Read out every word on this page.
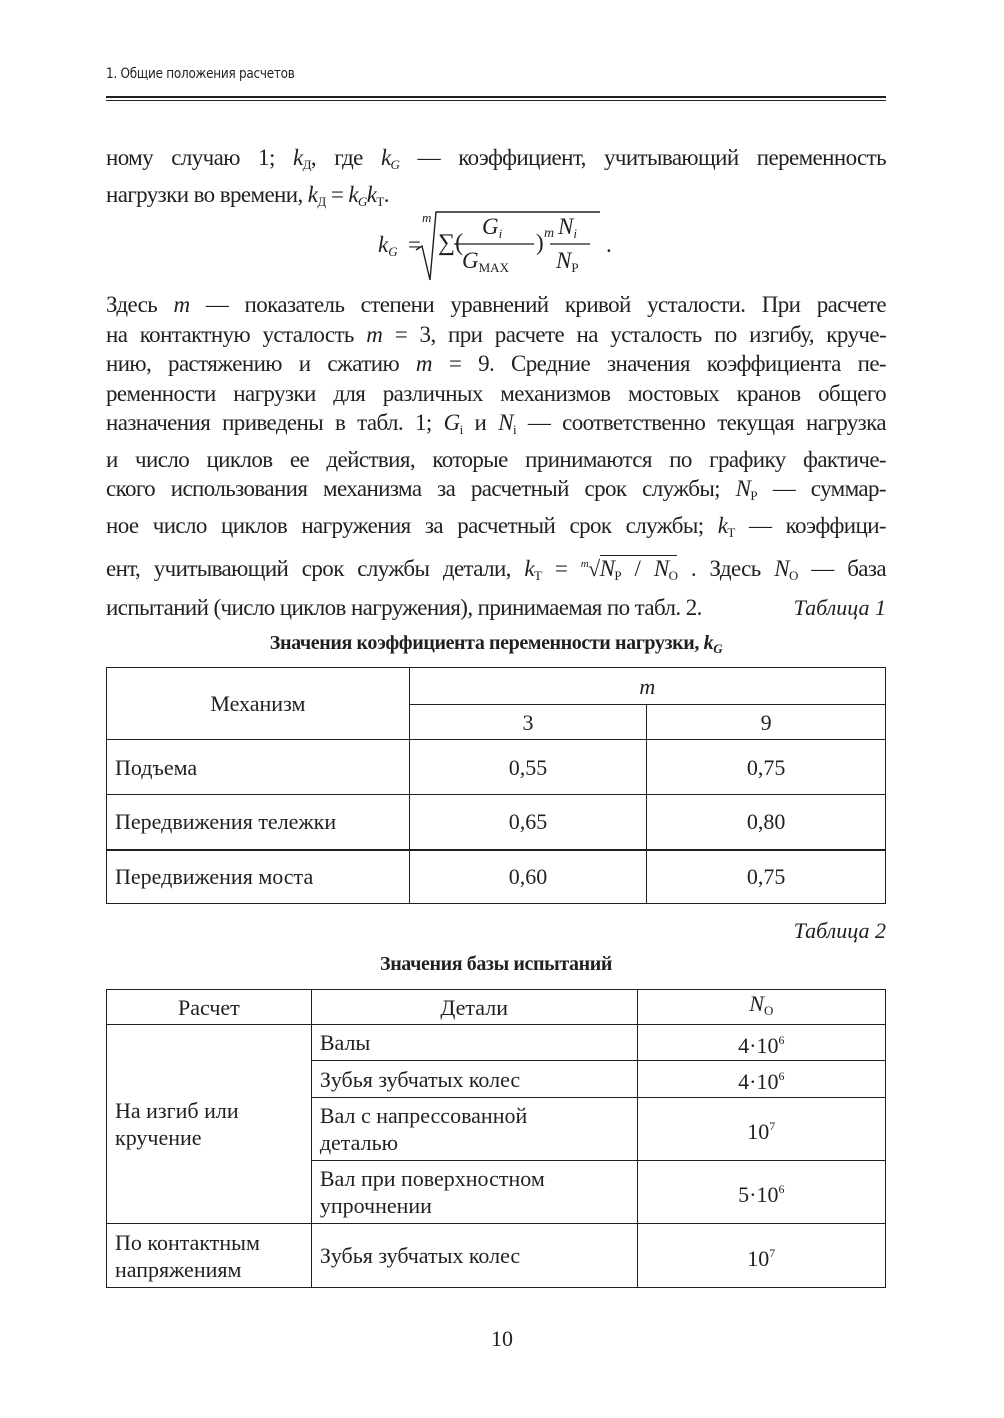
1. Общие положения расчетов
ному случаю 1; $k_Д$, где $k_G$ — коэффициент, учитывающий переменность
нагрузки во времени, $k_Д = k_Gk_Т$.
$k_G$ =
m
∑(
$G_i$
$G_{MAX}$
) m $N_i$
$N_P$
.
Здесь m — показатель степени уравнений кривой усталости. При расчете
на контактную усталость m = 3, при расчете на усталость по изгибу, круче-
нию, растяжению и сжатию m = 9. Средние значения коэффициента пе-
ременности нагрузки для различных механизмов мостовых кранов общего
назначения приведены в табл. 1; $G_i$ и $N_i$ — соответственно текущая нагрузка
и число циклов ее действия, которые принимаются по графику фактиче-
ского использования механизма за расчетный срок службы; $N_P$ — суммар-
ное число циклов нагружения за расчетный срок службы; $k_Т$ — коэффици-
ент, учитывающий срок службы детали, $k_Т = ^m√N_P / N_O$ . Здесь $N_O$ — база
испытаний (число циклов нагружения), принимаемая по табл. 2.	Таблица 1
Значения коэффициента переменности нагрузки, $k_G$
Механизм	m	
	3	9
Подъема	0,55	0,75
Передвижения тележки	0,65	0,80
Передвижения моста	0,60	0,75
Таблица 2
Значения базы испытаний
Расчет	Детали	$N_O$
На изгиб или кручение	Валы	$4\cdot 10^6$
	Зубья зубчатых колес	$4\cdot 10^6$
	Вал с напрессованной деталью	$10^7$
	Вал при поверхностном упрочнении	$5\cdot 10^6$
По контактным напряжениям	Зубья зубчатых колес	$10^7$
10
